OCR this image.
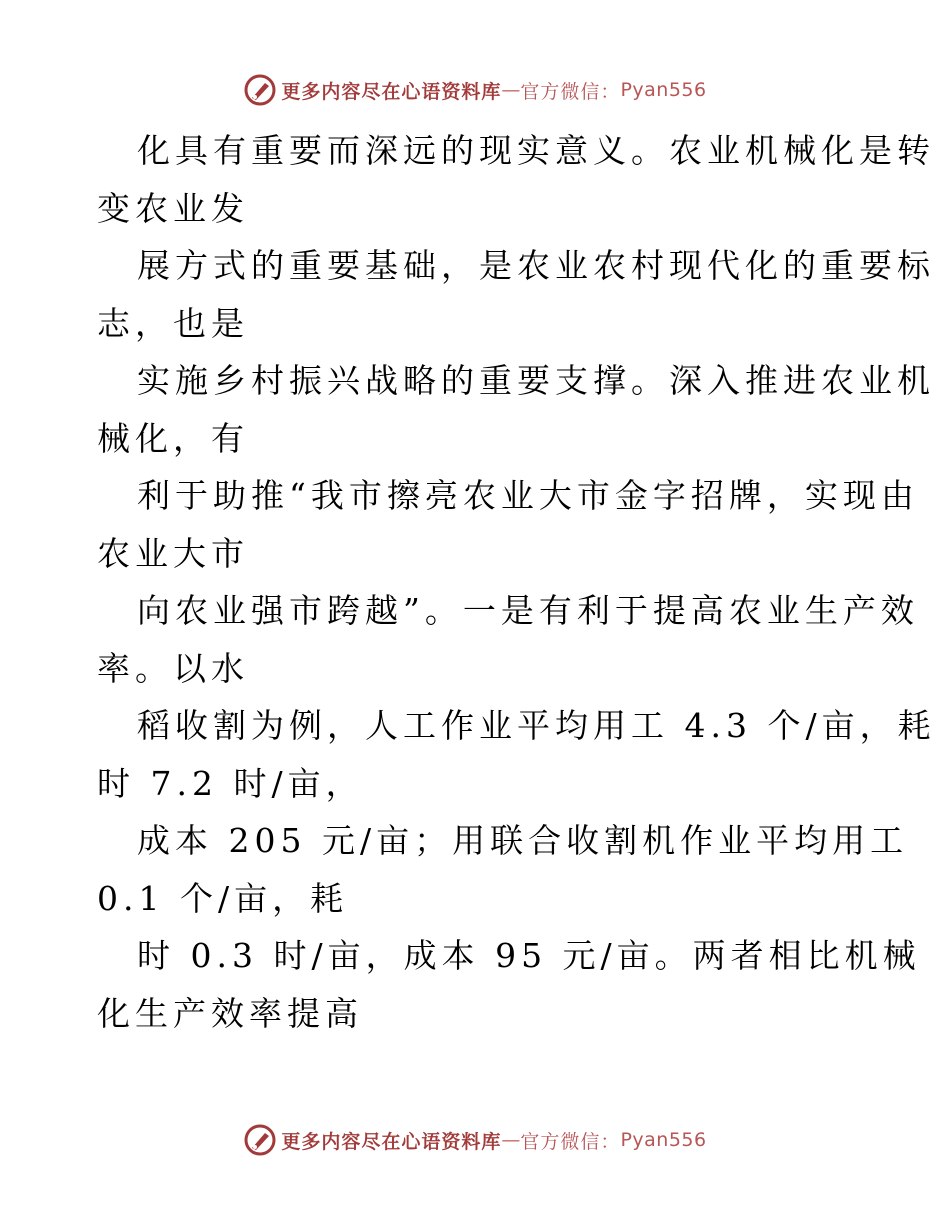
更多内容尽在心语资料库 — 官方微信： Pyan556
化具有重要而深远的现实意义。农业机械化是转
变农业发
展方式的重要基础，是农业农村现代化的重要标
志，也是
实施乡村振兴战略的重要支撑。深入推进农业机
械化，有
利于助推“我市擦亮农业大市金字招牌，实现由
农业大市
向农业强市跨越”。一是有利于提高农业生产效
率。以水
稻收割为例，人工作业平均用工 4.3 个/亩，耗
时 7.2 时/亩，
成本 205 元/亩；用联合收割机作业平均用工
0.1 个/亩，耗
时 0.3 时/亩，成本 95 元/亩。两者相比机械
化生产效率提高
更多内容尽在心语资料库 — 官方微信： Pyan556
